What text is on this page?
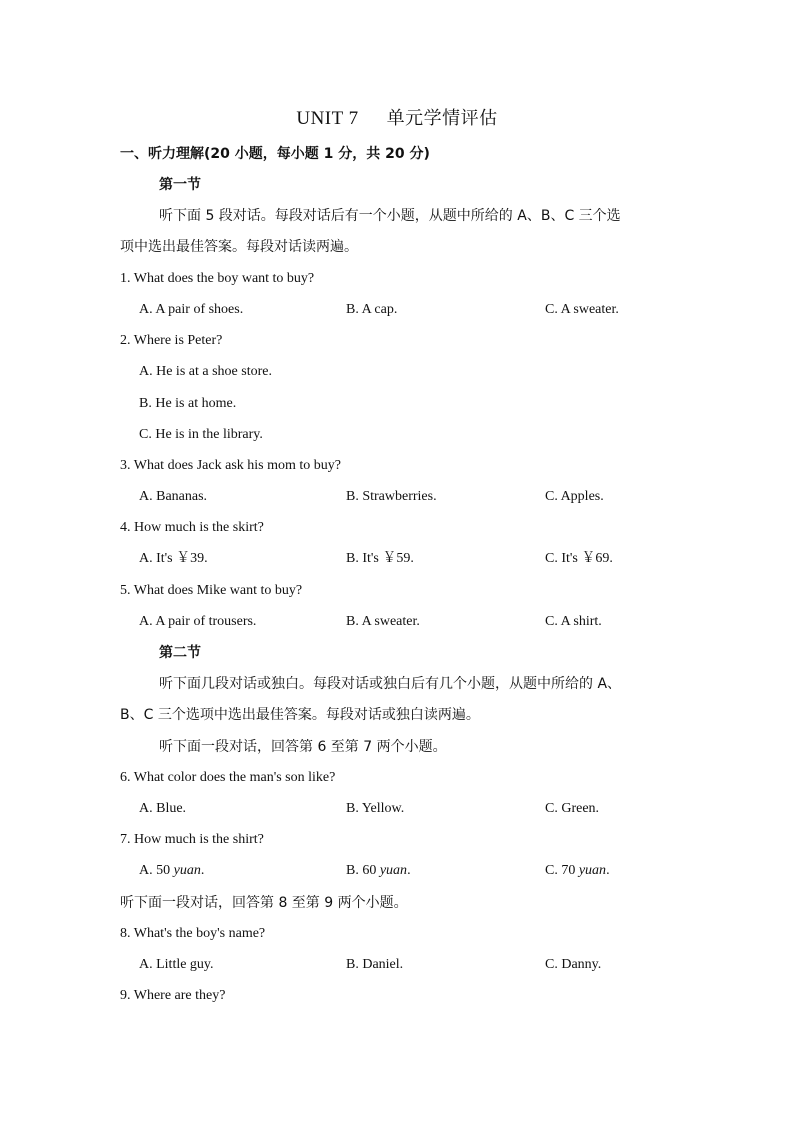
UNIT 7 单元学情评估
一、听力理解(20 小题，每小题 1 分，共 20 分)
第一节
听下面 5 段对话。每段对话后有一个小题，从题中所给的 A、B、C 三个选
项中选出最佳答案。每段对话读两遍。
1. What does the boy want to buy?
A. A pair of shoes.	B. A cap.	C. A sweater.
2. Where is Peter?
A. He is at a shoe store.
B. He is at home.
C. He is in the library.
3. What does Jack ask his mom to buy?
A. Bananas.	B. Strawberries.	C. Apples.
4. How much is the skirt?
A. It's ￥39.	B. It's ￥59.	C. It's ￥69.
5. What does Mike want to buy?
A. A pair of trousers.	B. A sweater.	C. A shirt.
第二节
听下面几段对话或独白。每段对话或独白后有几个小题，从题中所给的 A、
B、C 三个选项中选出最佳答案。每段对话或独白读两遍。
听下面一段对话，回答第 6 至第 7 两个小题。
6. What color does the man's son like?
A. Blue.	B. Yellow.	C. Green.
7. How much is the shirt?
A. 50 yuan.	B. 60 yuan.	C. 70 yuan.
听下面一段对话，回答第 8 至第 9 两个小题。
8. What's the boy's name?
A. Little guy.	B. Daniel.	C. Danny.
9. Where are they?
